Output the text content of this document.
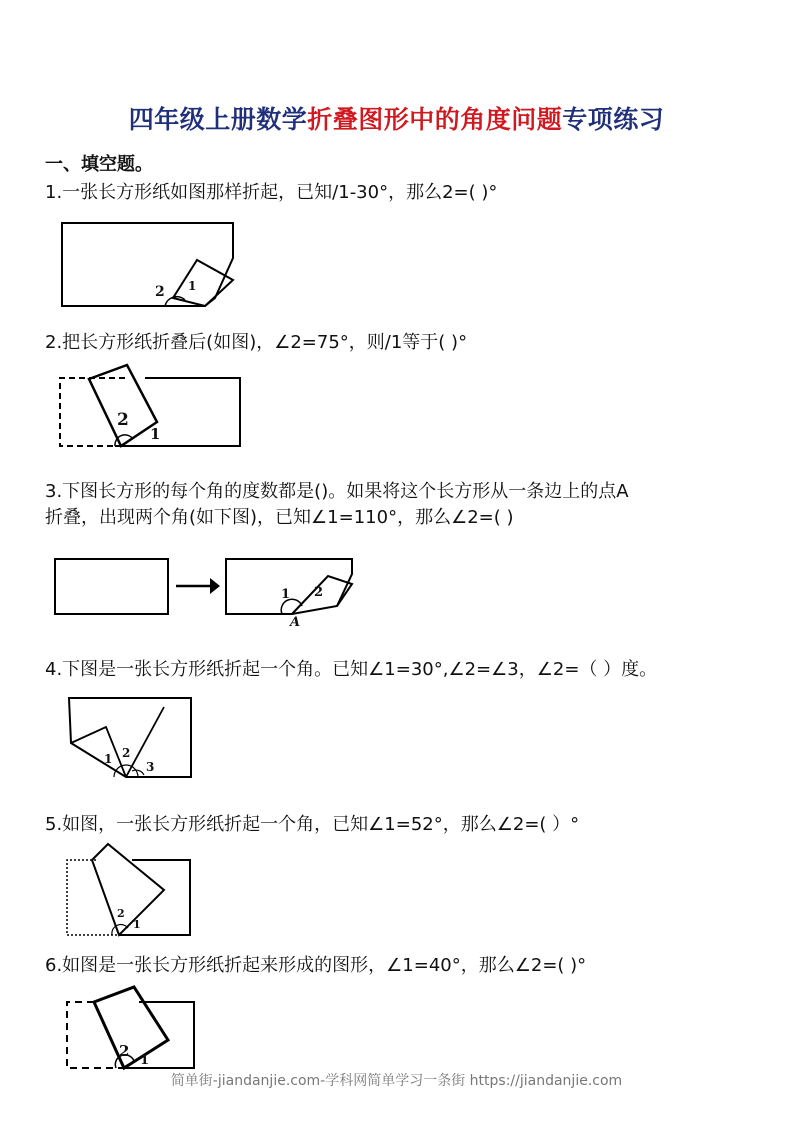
四年级上册数学折叠图形中的角度问题专项练习
一、填空题。
1.一张长方形纸如图那样折起，已知/1-30°，那么2=( )°
2 1
2.把长方形纸折叠后(如图)，∠2=75°，则/1等于( )°
2
1
3.下图长方形的每个角的度数都是()。如果将这个长方形从一条边上的点A
折叠，出现两个角(如下图)，已知∠1=110°，那么∠2=( )
1 2
A
4.下图是一张长方形纸折起一个角。已知∠1=30°,∠2=∠3，∠2=（ ）度。
1 2
3
5.如图，一张长方形纸折起一个角，已知∠1=52°，那么∠2=( ）°
2
1
6.如图是一张长方形纸折起来形成的图形，∠1=40°，那么∠2=( )°
2
1
简单街-jiandanjie.com-学科网简单学习一条街 https://jiandanjie.com
